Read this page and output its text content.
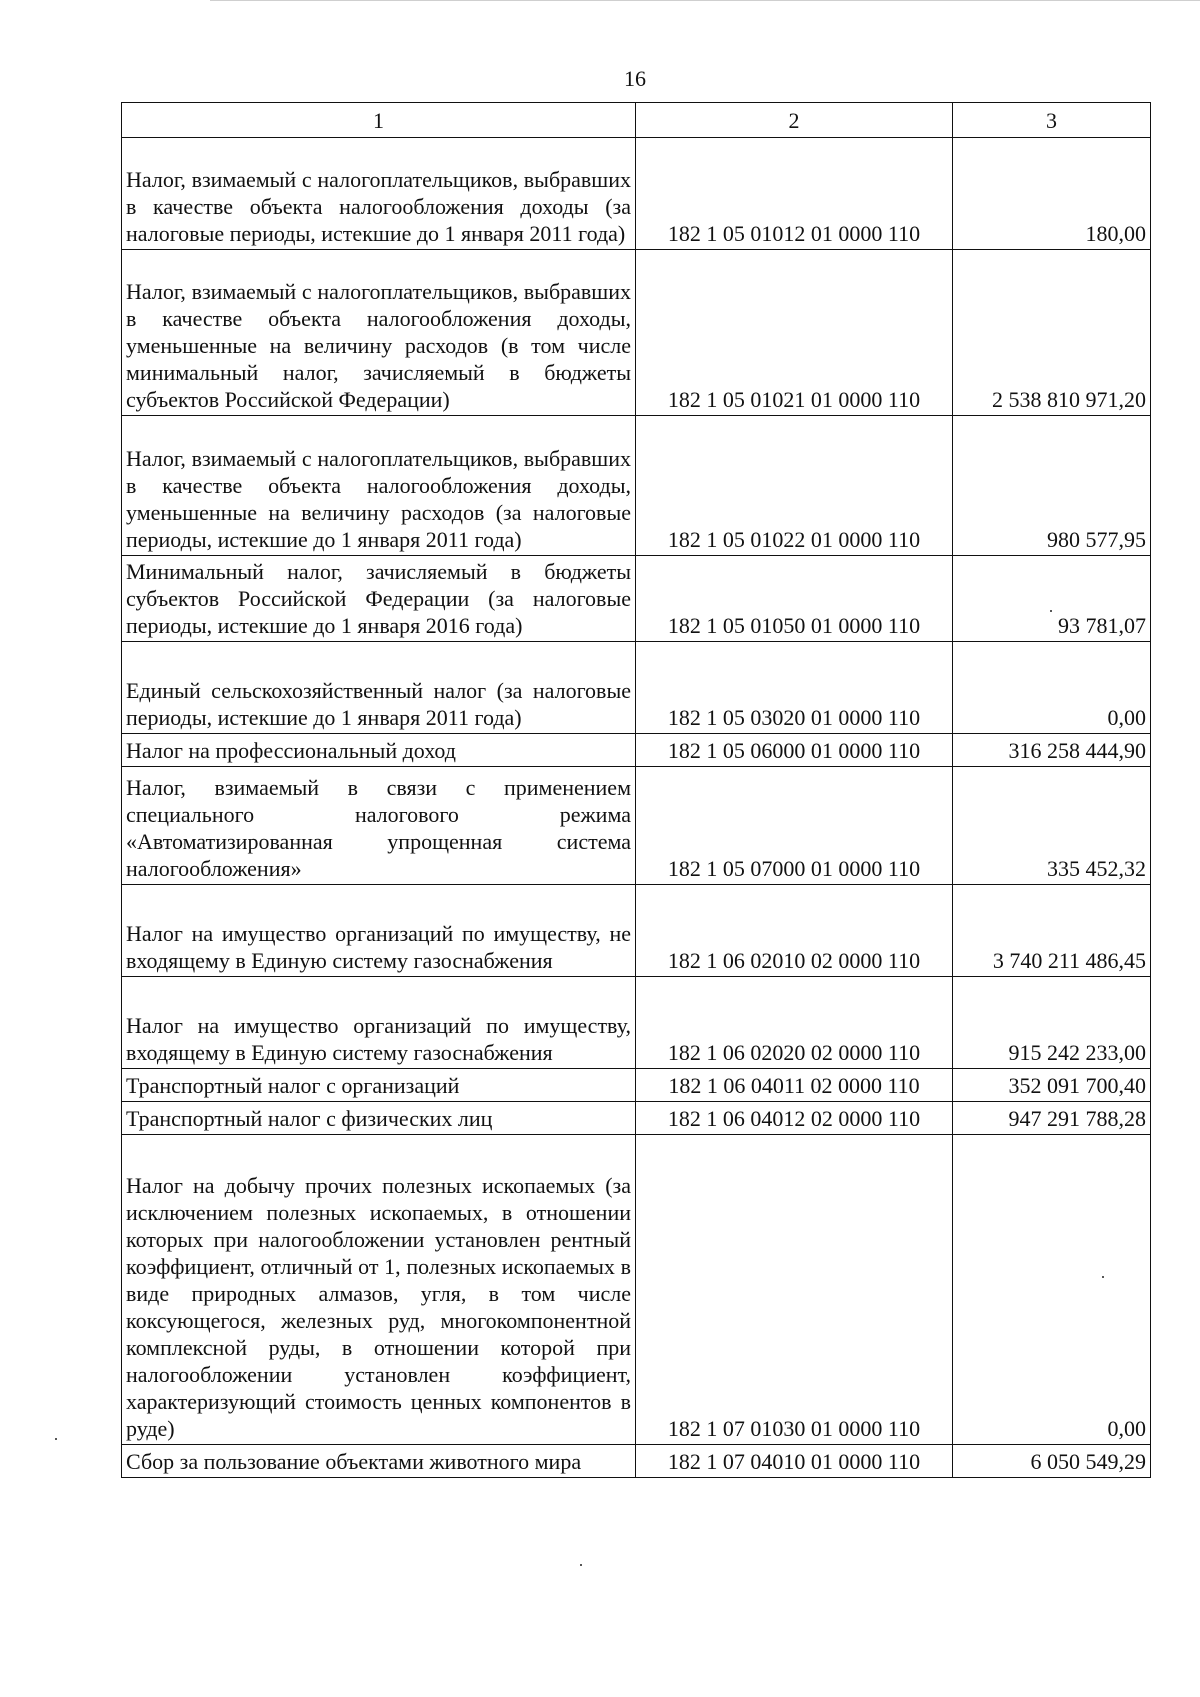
16
1	2	3
Налог, взимаемый с налогоплательщиков, выбравших в качестве объекта налогообложения доходы (за налоговые периоды, истекшие до 1 января 2011 года)	182 1 05 01012 01 0000 110	180,00
Налог, взимаемый с налогоплательщиков, выбравших в качестве объекта налогообложения доходы, уменьшенные на величину расходов (в том числе минимальный налог, зачисляемый в бюджеты субъектов Российской Федерации)	182 1 05 01021 01 0000 110	2 538 810 971,20
Налог, взимаемый с налогоплательщиков, выбравших в качестве объекта налогообложения доходы, уменьшенные на величину расходов (за налоговые периоды, истекшие до 1 января 2011 года)	182 1 05 01022 01 0000 110	980 577,95
Минимальный налог, зачисляемый в бюджеты субъектов Российской Федерации (за налоговые периоды, истекшие до 1 января 2016 года)	182 1 05 01050 01 0000 110	93 781,07
Единый сельскохозяйственный налог (за налоговые периоды, истекшие до 1 января 2011 года)	182 1 05 03020 01 0000 110	0,00
Налог на профессиональный доход	182 1 05 06000 01 0000 110	316 258 444,90
Налог, взимаемый в связи с применением специального налогового режима «Автоматизированная упрощенная система налогообложения»	182 1 05 07000 01 0000 110	335 452,32
Налог на имущество организаций по имуществу, не входящему в Единую систему газоснабжения	182 1 06 02010 02 0000 110	3 740 211 486,45
Налог на имущество организаций по имуществу, входящему в Единую систему газоснабжения	182 1 06 02020 02 0000 110	915 242 233,00
Транспортный налог с организаций	182 1 06 04011 02 0000 110	352 091 700,40
Транспортный налог с физических лиц	182 1 06 04012 02 0000 110	947 291 788,28
Налог на добычу прочих полезных ископаемых (за исключением полезных ископаемых, в отношении которых при налогообложении установлен рентный коэффициент, отличный от 1, полезных ископаемых в виде природных алмазов, угля, в том числе коксующегося, железных руд, многокомпонентной комплексной руды, в отношении которой при налогообложении установлен коэффициент, характеризующий стоимость ценных компонентов в руде)	182 1 07 01030 01 0000 110	0,00
Сбор за пользование объектами животного мира	182 1 07 04010 01 0000 110	6 050 549,29
